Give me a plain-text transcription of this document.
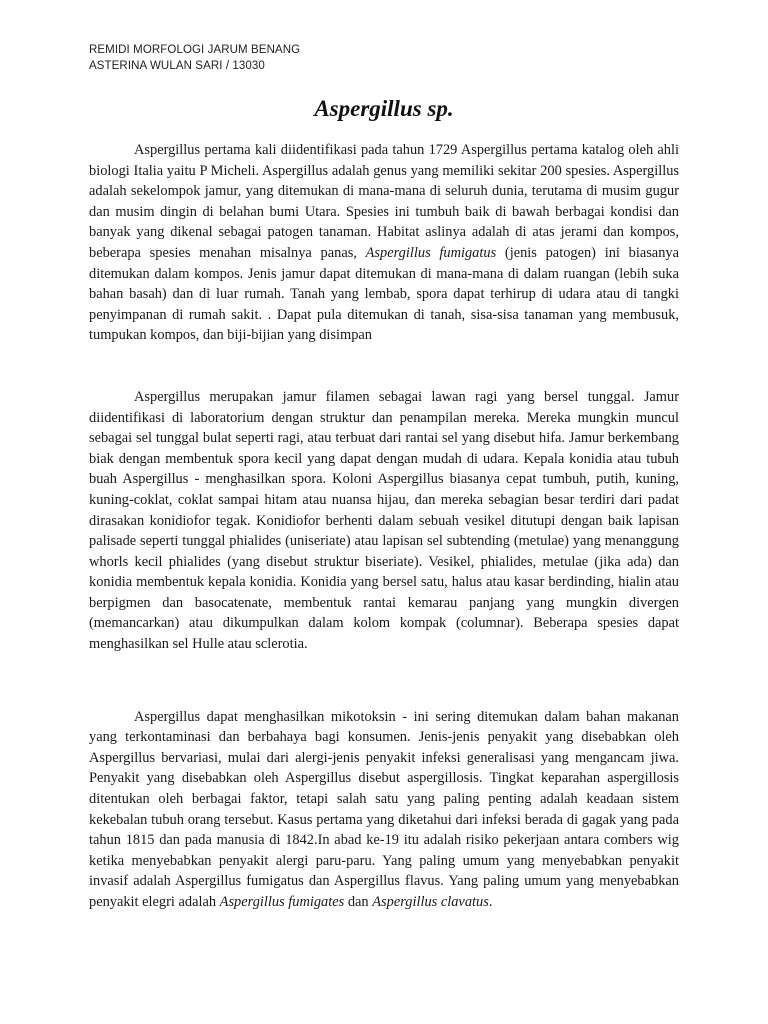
REMIDI MORFOLOGI JARUM BENANG
ASTERINA WULAN SARI / 13030
Aspergillus sp.

Aspergillus pertama kali diidentifikasi pada tahun 1729 Aspergillus pertama katalog oleh ahli biologi Italia yaitu P Micheli. Aspergillus adalah genus yang memiliki sekitar 200 spesies. Aspergillus adalah sekelompok jamur, yang ditemukan di mana-mana di seluruh dunia, terutama di musim gugur dan musim dingin di belahan bumi Utara. Spesies ini tumbuh baik di bawah berbagai kondisi dan banyak yang dikenal sebagai patogen tanaman. Habitat aslinya adalah di atas jerami dan kompos, beberapa spesies menahan misalnya panas, Aspergillus fumigatus (jenis patogen) ini biasanya ditemukan dalam kompos. Jenis jamur dapat ditemukan di mana-mana di dalam ruangan (lebih suka bahan basah) dan di luar rumah. Tanah yang lembab, spora dapat terhirup di udara atau di tangki penyimpanan di rumah sakit. . Dapat pula ditemukan di tanah, sisa-sisa tanaman yang membusuk, tumpukan kompos, dan biji-bijian yang disimpan

Aspergillus merupakan jamur filamen sebagai lawan ragi yang bersel tunggal. Jamur diidentifikasi di laboratorium dengan struktur dan penampilan mereka. Mereka mungkin muncul sebagai sel tunggal bulat seperti ragi, atau terbuat dari rantai sel yang disebut hifa. Jamur berkembang biak dengan membentuk spora kecil yang dapat dengan mudah di udara. Kepala konidia atau tubuh buah Aspergillus - menghasilkan spora. Koloni Aspergillus biasanya cepat tumbuh, putih, kuning, kuning-coklat, coklat sampai hitam atau nuansa hijau, dan mereka sebagian besar terdiri dari padat dirasakan konidiofor tegak. Konidiofor berhenti dalam sebuah vesikel ditutupi dengan baik lapisan palisade seperti tunggal phialides (uniseriate) atau lapisan sel subtending (metulae) yang menanggung whorls kecil phialides (yang disebut struktur biseriate). Vesikel, phialides, metulae (jika ada) dan konidia membentuk kepala konidia. Konidia yang bersel satu, halus atau kasar berdinding, hialin atau berpigmen dan basocatenate, membentuk rantai kemarau panjang yang mungkin divergen (memancarkan) atau dikumpulkan dalam kolom kompak (columnar). Beberapa spesies dapat menghasilkan sel Hulle atau sclerotia.

Aspergillus dapat menghasilkan mikotoksin - ini sering ditemukan dalam bahan makanan yang terkontaminasi dan berbahaya bagi konsumen. Jenis-jenis penyakit yang disebabkan oleh Aspergillus bervariasi, mulai dari alergi-jenis penyakit infeksi generalisasi yang mengancam jiwa. Penyakit yang disebabkan oleh Aspergillus disebut aspergillosis. Tingkat keparahan aspergillosis ditentukan oleh berbagai faktor, tetapi salah satu yang paling penting adalah keadaan sistem kekebalan tubuh orang tersebut. Kasus pertama yang diketahui dari infeksi berada di gagak yang pada tahun 1815 dan pada manusia di 1842.In abad ke-19 itu adalah risiko pekerjaan antara combers wig ketika menyebabkan penyakit alergi paru-paru. Yang paling umum yang menyebabkan penyakit invasif adalah Aspergillus fumigatus dan Aspergillus flavus. Yang paling umum yang menyebabkan penyakit elegri adalah Aspergillus fumigates dan Aspergillus clavatus.
